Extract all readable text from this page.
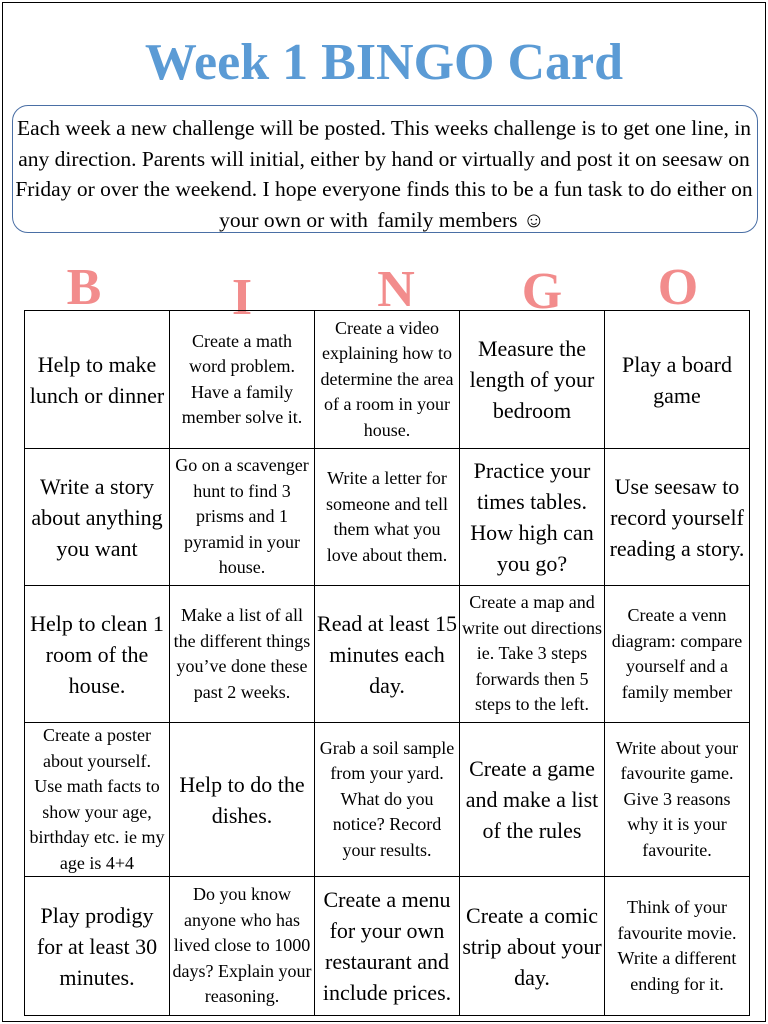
Week 1 BINGO Card
Each week a new challenge will be posted. This weeks challenge is to get one line, in any direction. Parents will initial, either by hand or virtually and post it on seesaw on Friday or over the weekend. I hope everyone finds this to be a fun task to do either on your own or with family members ☺
B	I	N	G	O
Help to make lunch or dinner	Create a math word problem. Have a family member solve it.	Create a video explaining how to determine the area of a room in your house.	Measure the length of your bedroom	Play a board game
Write a story about anything you want	Go on a scavenger hunt to find 3 prisms and 1 pyramid in your house.	Write a letter for someone and tell them what you love about them.	Practice your times tables. How high can you go?	Use seesaw to record yourself reading a story.
Help to clean 1 room of the house.	Make a list of all the different things you’ve done these past 2 weeks.	Read at least 15 minutes each day.	Create a map and write out directions ie. Take 3 steps forwards then 5 steps to the left.	Create a venn diagram: compare yourself and a family member
Create a poster about yourself. Use math facts to show your age, birthday etc. ie my age is 4+4	Help to do the dishes.	Grab a soil sample from your yard. What do you notice? Record your results.	Create a game and make a list of the rules	Write about your favourite game. Give 3 reasons why it is your favourite.
Play prodigy for at least 30 minutes.	Do you know anyone who has lived close to 1000 days? Explain your reasoning.	Create a menu for your own restaurant and include prices.	Create a comic strip about your day.	Think of your favourite movie. Write a different ending for it.
